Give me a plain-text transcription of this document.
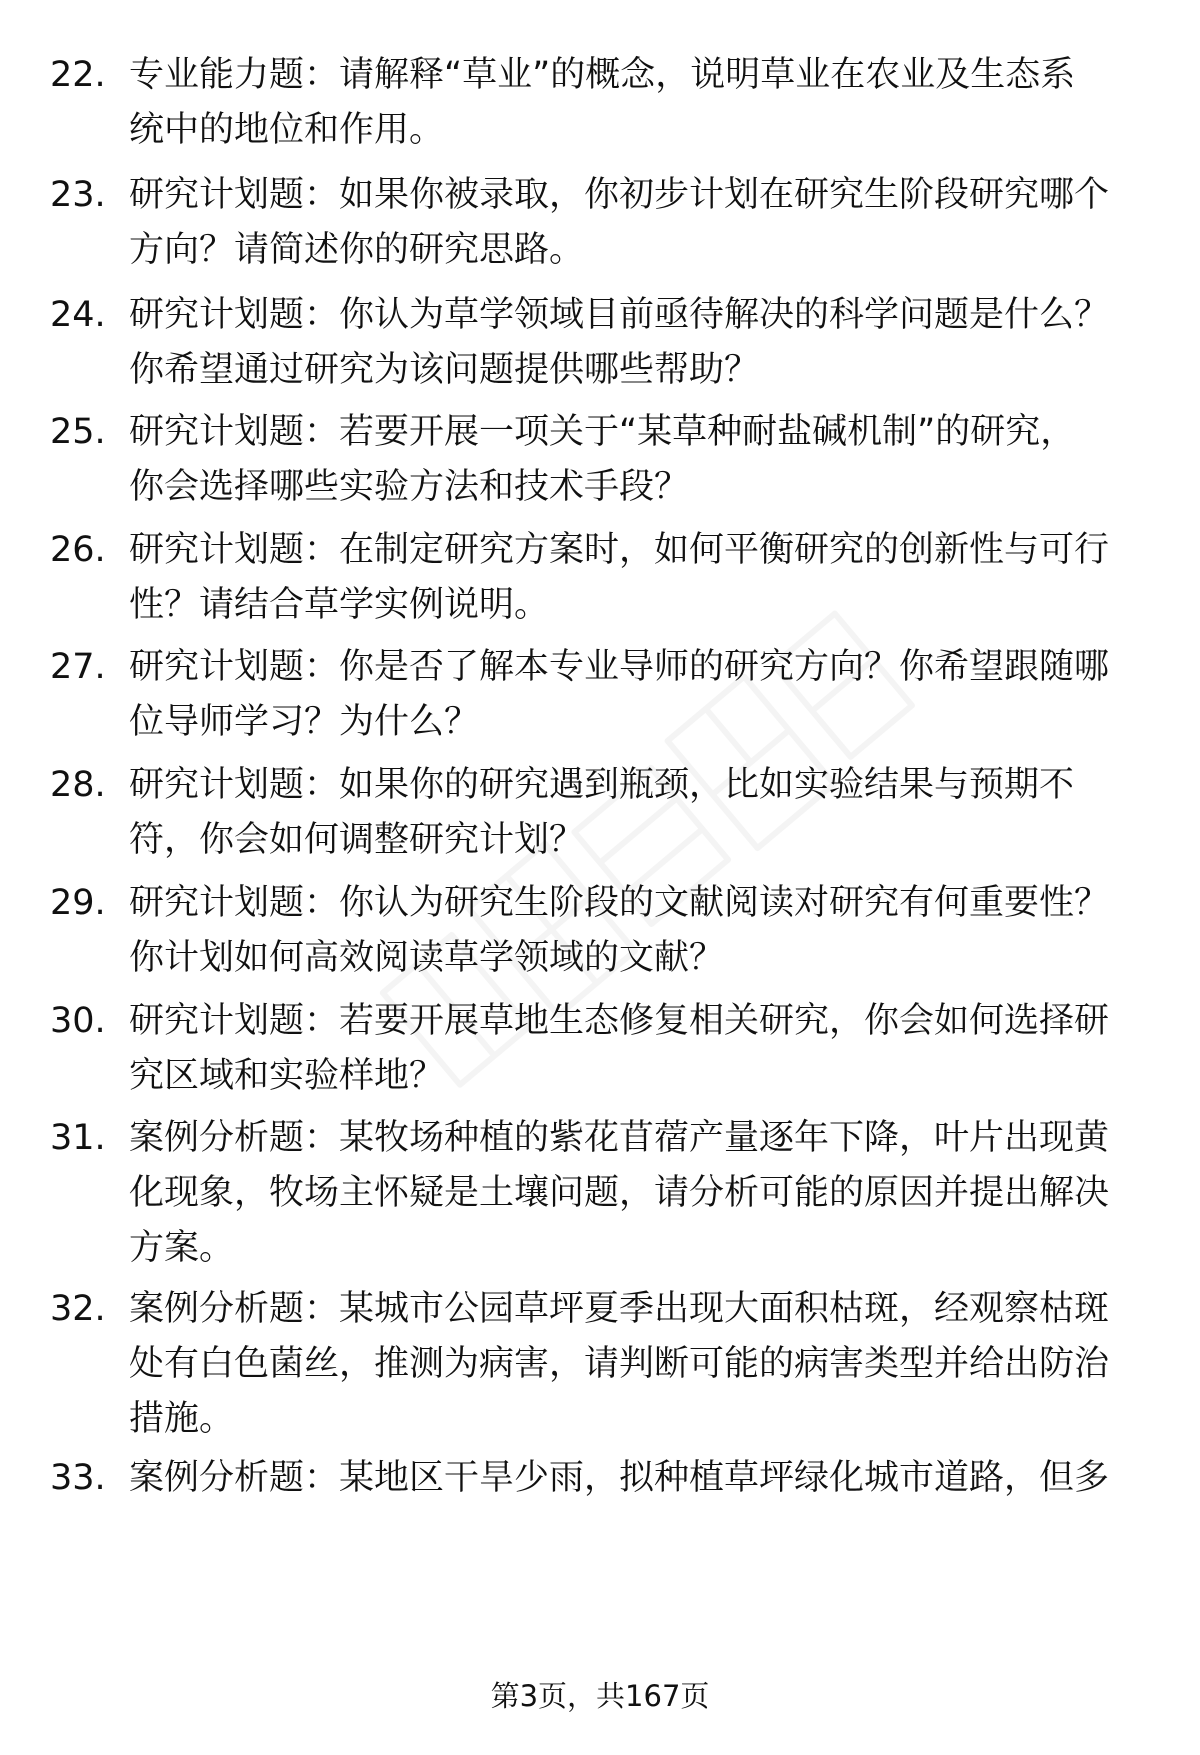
22. 专业能力题：请解释“草业”的概念，说明草业在农业及生态系
统中的地位和作用。
23. 研究计划题：如果你被录取，你初步计划在研究生阶段研究哪个
方向？请简述你的研究思路。
24. 研究计划题：你认为草学领域目前亟待解决的科学问题是什么？
你希望通过研究为该问题提供哪些帮助？
25. 研究计划题：若要开展一项关于“某草种耐盐碱机制”的研究，
你会选择哪些实验方法和技术手段？
26. 研究计划题：在制定研究方案时，如何平衡研究的创新性与可行
性？请结合草学实例说明。
27. 研究计划题：你是否了解本专业导师的研究方向？你希望跟随哪
位导师学习？为什么？
28. 研究计划题：如果你的研究遇到瓶颈，比如实验结果与预期不
符，你会如何调整研究计划？
29. 研究计划题：你认为研究生阶段的文献阅读对研究有何重要性？
你计划如何高效阅读草学领域的文献？
30. 研究计划题：若要开展草地生态修复相关研究，你会如何选择研
究区域和实验样地？
31. 案例分析题：某牧场种植的紫花苜蓿产量逐年下降，叶片出现黄
化现象，牧场主怀疑是土壤问题，请分析可能的原因并提出解决
方案。
32. 案例分析题：某城市公园草坪夏季出现大面积枯斑，经观察枯斑
处有白色菌丝，推测为病害，请判断可能的病害类型并给出防治
措施。
33. 案例分析题：某地区干旱少雨，拟种植草坪绿化城市道路，但多
第3页，共167页
